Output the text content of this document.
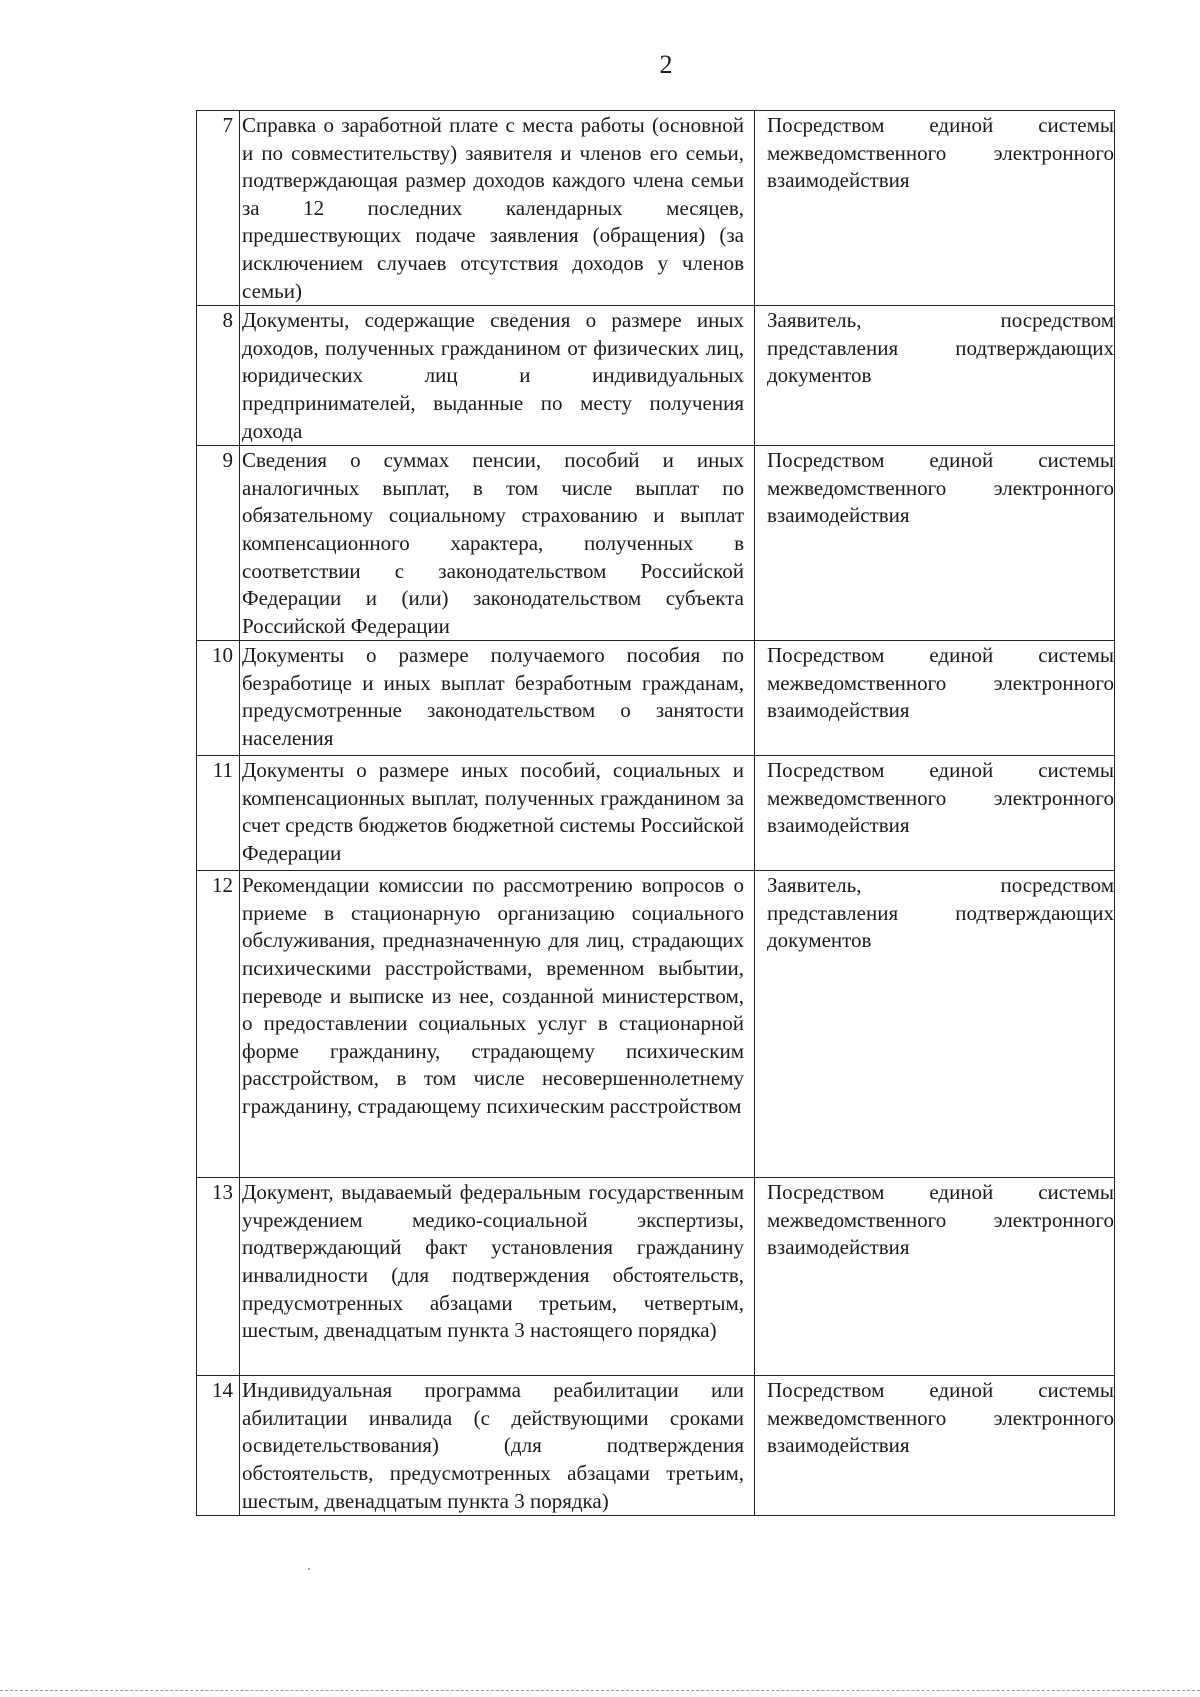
2
7	Справка о заработной плате с места работы (основной и по совместительству) заявителя и членов его семьи, подтверждающая размер доходов каждого члена семьи за 12 последних календарных месяцев, предшествующих подаче заявления (обращения) (за исключением случаев отсутствия доходов у членов семьи)	Посредством единой системы межведомственного электронного
взаимодействия

8	Документы, содержащие сведения о размере иных доходов, полученных гражданином от физических лиц, юридических лиц и индивидуальных предпринимателей, выданные по месту получения дохода	Заявитель, посредством представления подтверждающих
документов

9	Сведения о суммах пенсии, пособий и иных аналогичных выплат, в том числе выплат по обязательному социальному страхованию и выплат компенсационного характера, полученных в соответствии с законодательством Российской Федерации и (или) законодательством субъекта Российской Федерации	Посредством единой системы межведомственного электронного
взаимодействия

10	Документы о размере получаемого пособия по безработице и иных выплат безработным гражданам, предусмотренные законодательством о занятости населения	Посредством единой системы межведомственного электронного
взаимодействия

11	Документы о размере иных пособий, социальных и компенсационных выплат, полученных гражданином за счет средств бюджетов бюджетной системы Российской Федерации	Посредством единой системы межведомственного электронного
взаимодействия

12	Рекомендации комиссии по рассмотрению вопросов о приеме в стационарную организацию социального обслуживания, предназначенную для лиц, страдающих психическими расстройствами, временном выбытии, переводе и выписке из нее, созданной министерством, о предоставлении социальных услуг в стационарной форме гражданину, страдающему психическим расстройством, в том числе несовершеннолетнему гражданину, страдающему психическим расстройством	Заявитель, посредством представления подтверждающих
документов

13	Документ, выдаваемый федеральным государственным учреждением медико-социальной экспертизы, подтверждающий факт установления гражданину инвалидности (для подтверждения обстоятельств, предусмотренных абзацами третьим, четвертым, шестым, двенадцатым пункта 3 настоящего порядка)	Посредством единой системы межведомственного электронного
взаимодействия

14	Индивидуальная программа реабилитации или абилитации инвалида (с действующими сроками освидетельствования) (для подтверждения обстоятельств, предусмотренных абзацами третьим, шестым, двенадцатым пункта 3 порядка)	Посредством единой системы межведомственного электронного
взаимодействия
